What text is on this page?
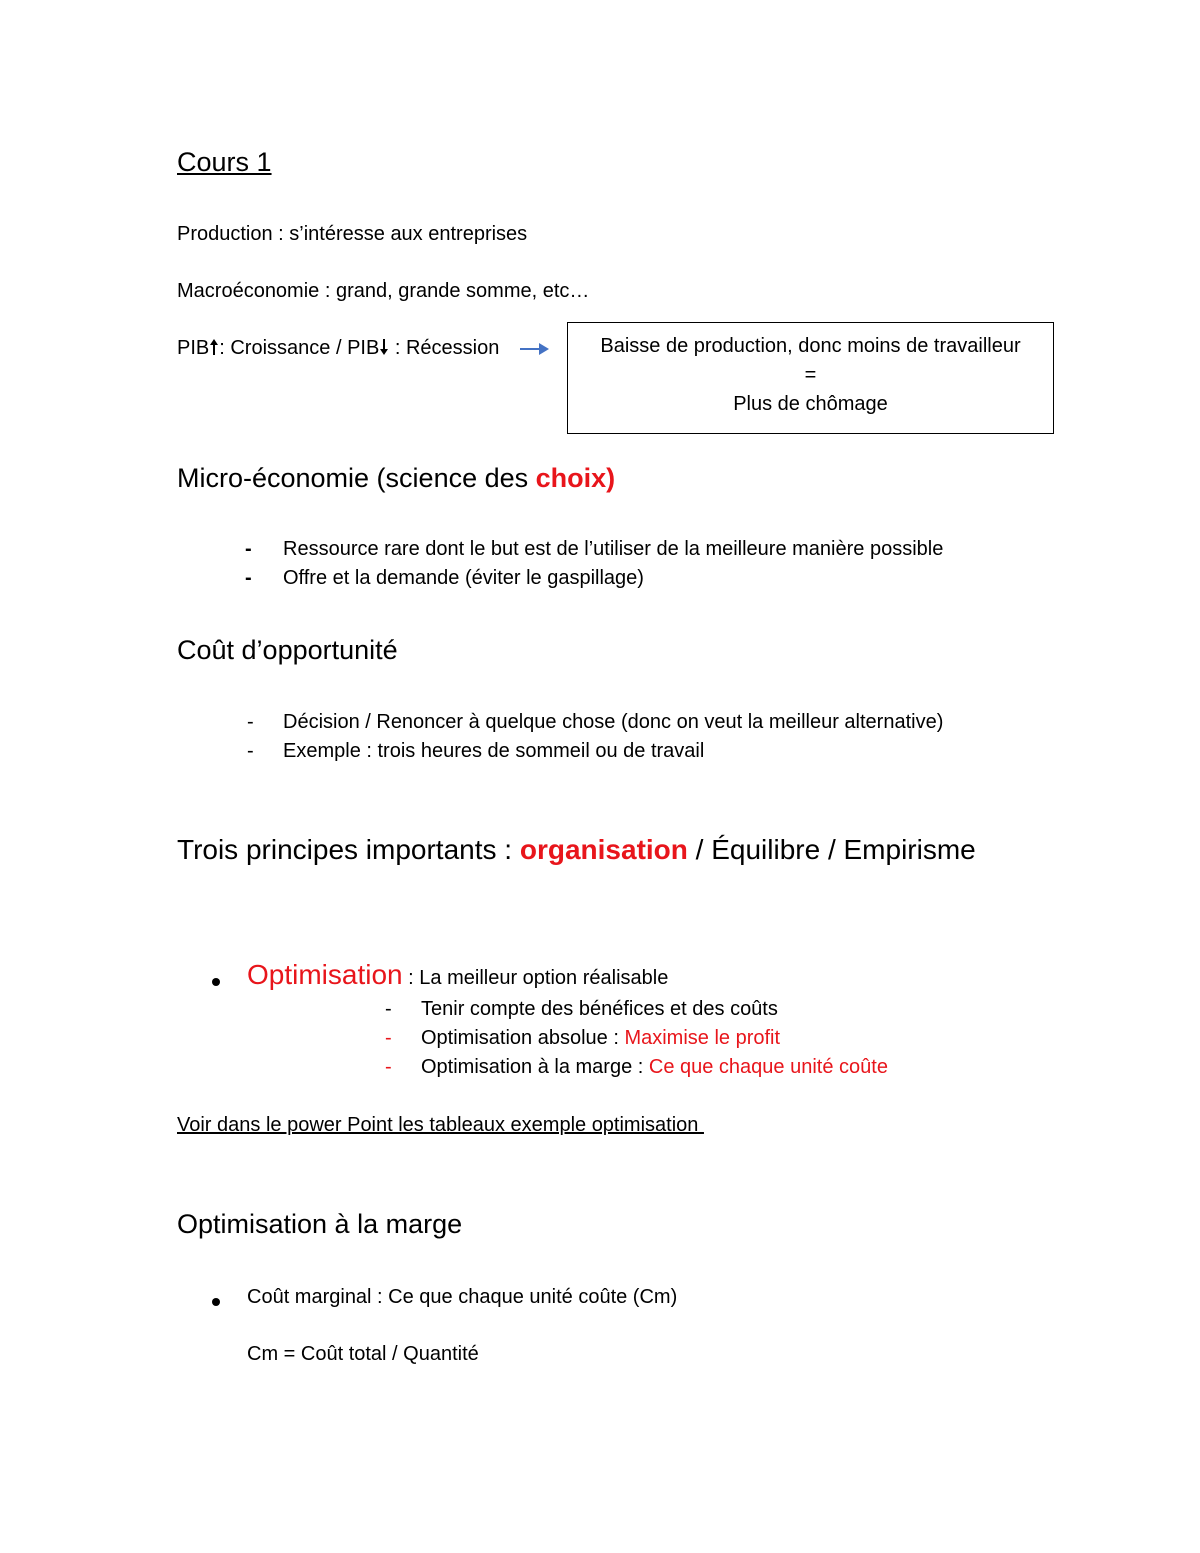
Cours 1
Production : s’intéresse aux entreprises
Macroéconomie : grand, grande somme, etc…
PIB : Croissance / PIB : Récession	Baisse de production, donc moins de travailleur
=
Plus de chômage
Micro-économie (science des choix)
- Ressource rare dont le but est de l’utiliser de la meilleure manière possible
- Offre et la demande (éviter le gaspillage)
Coût d’opportunité
- Décision / Renoncer à quelque chose (donc on veut la meilleur alternative)
- Exemple : trois heures de sommeil ou de travail
Trois principes importants : organisation / Équilibre / Empirisme
Optimisation : La meilleur option réalisable
- Tenir compte des bénéfices et des coûts
- Optimisation absolue : Maximise le profit
- Optimisation à la marge : Ce que chaque unité coûte
Voir dans le power Point les tableaux exemple optimisation
Optimisation à la marge
Coût marginal : Ce que chaque unité coûte (Cm)
Cm = Coût total / Quantité
